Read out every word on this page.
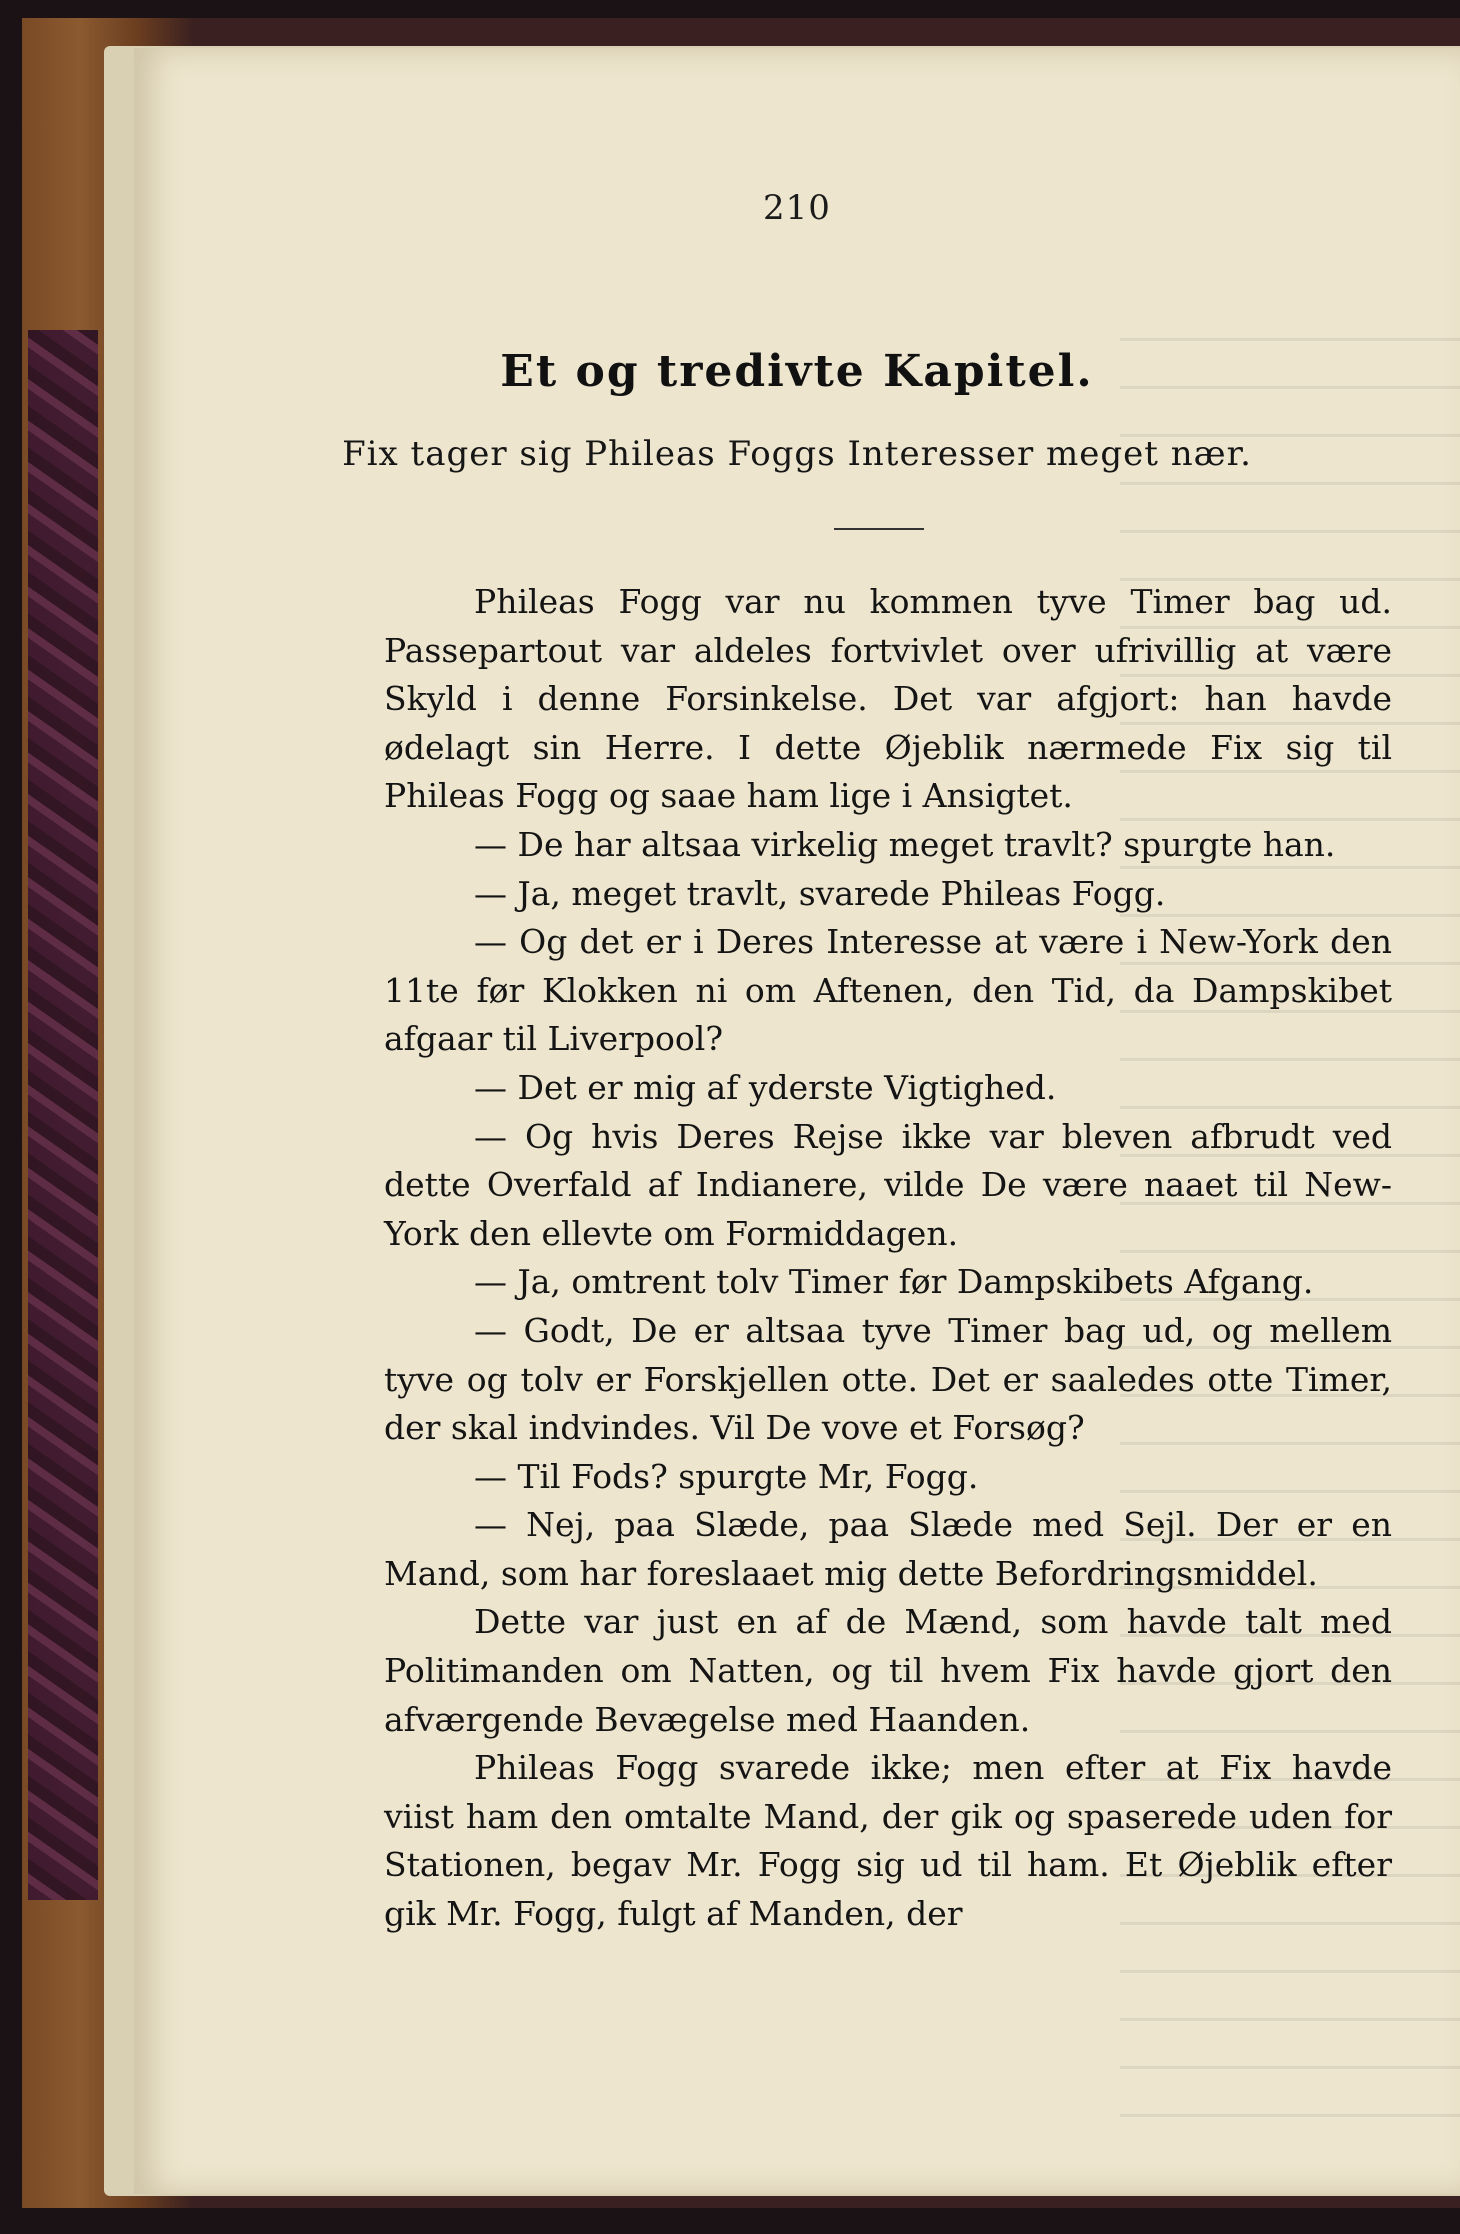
210
Et og tredivte Kapitel.
Fix tager sig Phileas Foggs Interesser meget nær.

Phileas Fogg var nu kommen tyve Timer bag ud. Passepartout var aldeles fortvivlet over ufrivillig at være Skyld i denne Forsinkelse. Det var afgjort: han havde ødelagt sin Herre. I dette Øjeblik nærmede Fix sig til Phileas Fogg og saae ham lige i Ansigtet.

— De har altsaa virkelig meget travlt? spurgte han.

— Ja, meget travlt, svarede Phileas Fogg.

— Og det er i Deres Interesse at være i New-York den 11te før Klokken ni om Aftenen, den Tid, da Dampskibet afgaar til Liverpool?

— Det er mig af yderste Vigtighed.

— Og hvis Deres Rejse ikke var bleven afbrudt ved dette Overfald af Indianere, vilde De være naaet til New-York den ellevte om Formiddagen.

— Ja, omtrent tolv Timer før Dampskibets Afgang.

— Godt, De er altsaa tyve Timer bag ud, og mellem tyve og tolv er Forskjellen otte. Det er saaledes otte Timer, der skal indvindes. Vil De vove et Forsøg?

— Til Fods? spurgte Mr, Fogg.

— Nej, paa Slæde, paa Slæde med Sejl. Der er en Mand, som har foreslaaet mig dette Befordringsmiddel.

Dette var just en af de Mænd, som havde talt med Politimanden om Natten, og til hvem Fix havde gjort den afværgende Bevægelse med Haanden.

Phileas Fogg svarede ikke; men efter at Fix havde viist ham den omtalte Mand, der gik og spaserede uden for Stationen, begav Mr. Fogg sig ud til ham. Et Øjeblik efter gik Mr. Fogg, fulgt af Manden, der
